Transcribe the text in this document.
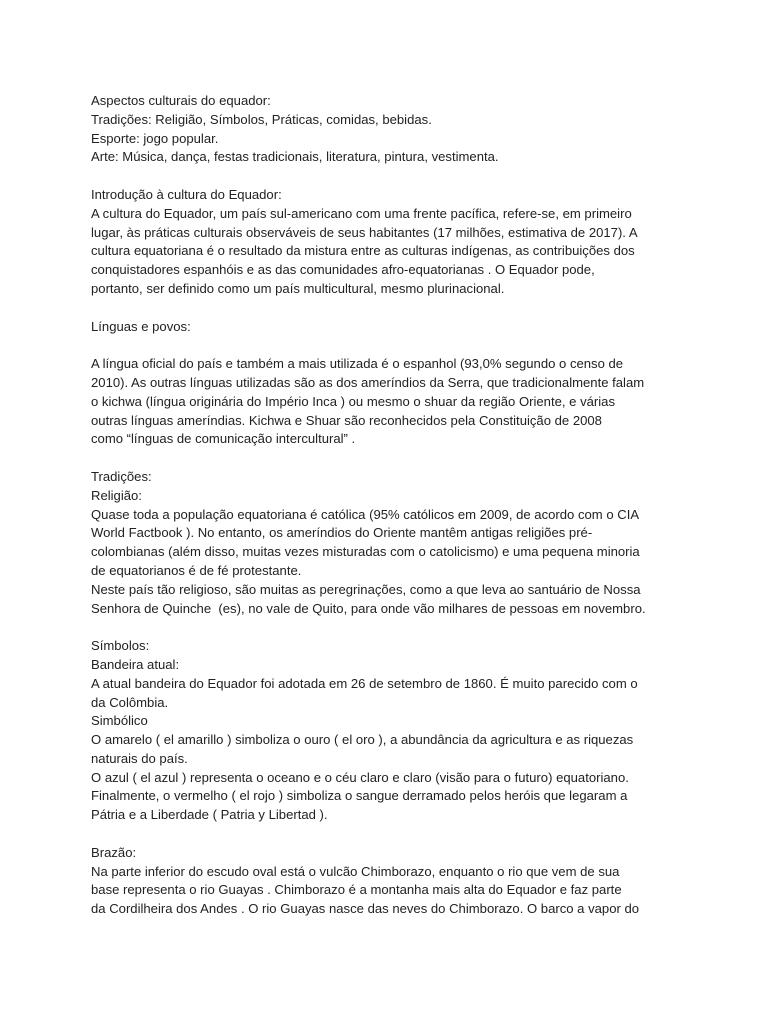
Aspectos culturais do equador:
Tradições: Religião, Símbolos, Práticas, comidas, bebidas.
Esporte: jogo popular.
Arte: Música, dança, festas tradicionais, literatura, pintura, vestimenta.
Introdução à cultura do Equador:
A cultura do Equador, um país sul-americano com uma frente pacífica, refere-se, em primeiro
lugar, às práticas culturais observáveis de seus habitantes (17 milhões, estimativa de 2017). A
cultura equatoriana é o resultado da mistura entre as culturas indígenas, as contribuições dos
conquistadores espanhóis e as das comunidades afro-equatorianas . O Equador pode,
portanto, ser definido como um país multicultural, mesmo plurinacional.
Línguas e povos:
A língua oficial do país e também a mais utilizada é o espanhol (93,0% segundo o censo de
2010). As outras línguas utilizadas são as dos ameríndios da Serra, que tradicionalmente falam
o kichwa (língua originária do Império Inca ) ou mesmo o shuar da região Oriente, e várias
outras línguas ameríndias. Kichwa e Shuar são reconhecidos pela Constituição de 2008
como “línguas de comunicação intercultural” .
Tradições:
Religião:
Quase toda a população equatoriana é católica (95% católicos em 2009, de acordo com o CIA
World Factbook ). No entanto, os ameríndios do Oriente mantêm antigas religiões pré-
colombianas (além disso, muitas vezes misturadas com o catolicismo) e uma pequena minoria
de equatorianos é de fé protestante.
Neste país tão religioso, são muitas as peregrinações, como a que leva ao santuário de Nossa
Senhora de Quinche  (es), no vale de Quito, para onde vão milhares de pessoas em novembro.
Símbolos:
Bandeira atual:
A atual bandeira do Equador foi adotada em 26 de setembro de 1860. É muito parecido com o
da Colômbia.
Simbólico
O amarelo ( el amarillo ) simboliza o ouro ( el oro ), a abundância da agricultura e as riquezas
naturais do país.
O azul ( el azul ) representa o oceano e o céu claro e claro (visão para o futuro) equatoriano.
Finalmente, o vermelho ( el rojo ) simboliza o sangue derramado pelos heróis que legaram a
Pátria e a Liberdade ( Patria y Libertad ).
Brazão:
Na parte inferior do escudo oval está o vulcão Chimborazo, enquanto o rio que vem de sua
base representa o rio Guayas . Chimborazo é a montanha mais alta do Equador e faz parte
da Cordilheira dos Andes . O rio Guayas nasce das neves do Chimborazo. O barco a vapor do
